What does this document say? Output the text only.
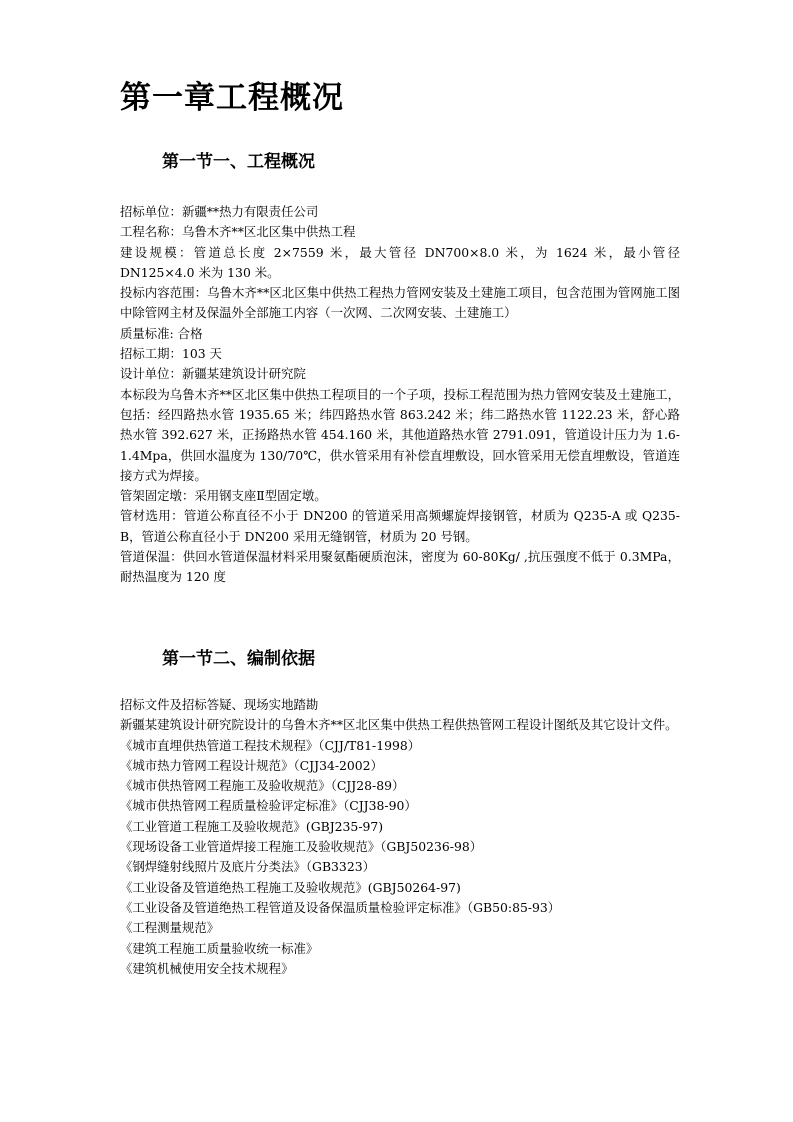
第一章工程概况
第一节一、工程概况

招标单位：新疆**热力有限责任公司

工程名称：乌鲁木齐**区北区集中供热工程

建设规模：管道总长度 2×7559 米，最大管径 DN700×8.0 米，为 1624 米，最小管径 DN125×4.0 米为 130 米。

投标内容范围：乌鲁木齐**区北区集中供热工程热力管网安装及土建施工项目，包含范围为管网施工图中除管网主材及保温外全部施工内容（一次网、二次网安装、土建施工）

质量标准: 合格

招标工期：103 天

设计单位：新疆某建筑设计研究院

本标段为乌鲁木齐**区北区集中供热工程项目的一个子项，投标工程范围为热力管网安装及土建施工，包括：经四路热水管 1935.65 米；纬四路热水管 863.242 米；纬二路热水管 1122.23 米，舒心路热水管 392.627 米，正扬路热水管 454.160 米，其他道路热水管 2791.091，管道设计压力为 1.6-1.4Mpa，供回水温度为 130/70℃，供水管采用有补偿直埋敷设，回水管采用无偿直埋敷设，管道连接方式为焊接。

管架固定墩：采用钢支座Ⅱ型固定墩。

管材选用：管道公称直径不小于 DN200 的管道采用高频螺旋焊接钢管，材质为 Q235-A 或 Q235-B，管道公称直径小于 DN200 采用无缝钢管，材质为 20 号钢。

管道保温：供回水管道保温材料采用聚氨酯硬质泡沫，密度为 60-80Kg/ ,抗压强度不低于 0.3MPa，耐热温度为 120 度

第一节二、编制依据

招标文件及招标答疑、现场实地踏勘

新疆某建筑设计研究院设计的乌鲁木齐**区北区集中供热工程供热管网工程设计图纸及其它设计文件。

《城市直埋供热管道工程技术规程》（CJJ/T81-1998）

《城市热力管网工程设计规范》（CJJ34-2002）

《城市供热管网工程施工及验收规范》（CJJ28-89）

《城市供热管网工程质量检验评定标准》（CJJ38-90）

《工业管道工程施工及验收规范》(GBJ235-97)

《现场设备工业管道焊接工程施工及验收规范》（GBJ50236-98）

《钢焊缝射线照片及底片分类法》（GB3323）

《工业设备及管道绝热工程施工及验收规范》(GBJ50264-97)

《工业设备及管道绝热工程管道及设备保温质量检验评定标准》（GB50:85-93）

《工程测量规范》

《建筑工程施工质量验收统一标准》

《建筑机械使用安全技术规程》
